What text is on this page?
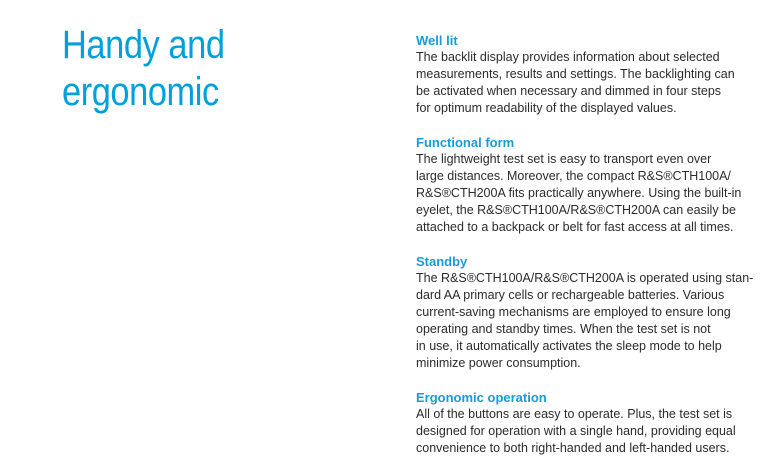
Handy and
ergonomic
Well lit

The backlit display provides information about selected
measurements, results and settings. The backlighting can
be activated when necessary and dimmed in four steps
for optimum readability of the displayed values.

Functional form

The lightweight test set is easy to transport even over
large distances. Moreover, the compact R&S®CTH100A/
R&S®CTH200A fits practically anywhere. Using the built-in
eyelet, the R&S®CTH100A/R&S®CTH200A can easily be
attached to a backpack or belt for fast access at all times.

Standby

The R&S®CTH100A/R&S®CTH200A is operated using stan-
dard AA primary cells or rechargeable batteries. Various
current-saving mechanisms are employed to ensure long
operating and standby times. When the test set is not
in use, it automatically activates the sleep mode to help
minimize power consumption.

Ergonomic operation

All of the buttons are easy to operate. Plus, the test set is
designed for operation with a single hand, providing equal
convenience to both right-handed and left-handed users.
